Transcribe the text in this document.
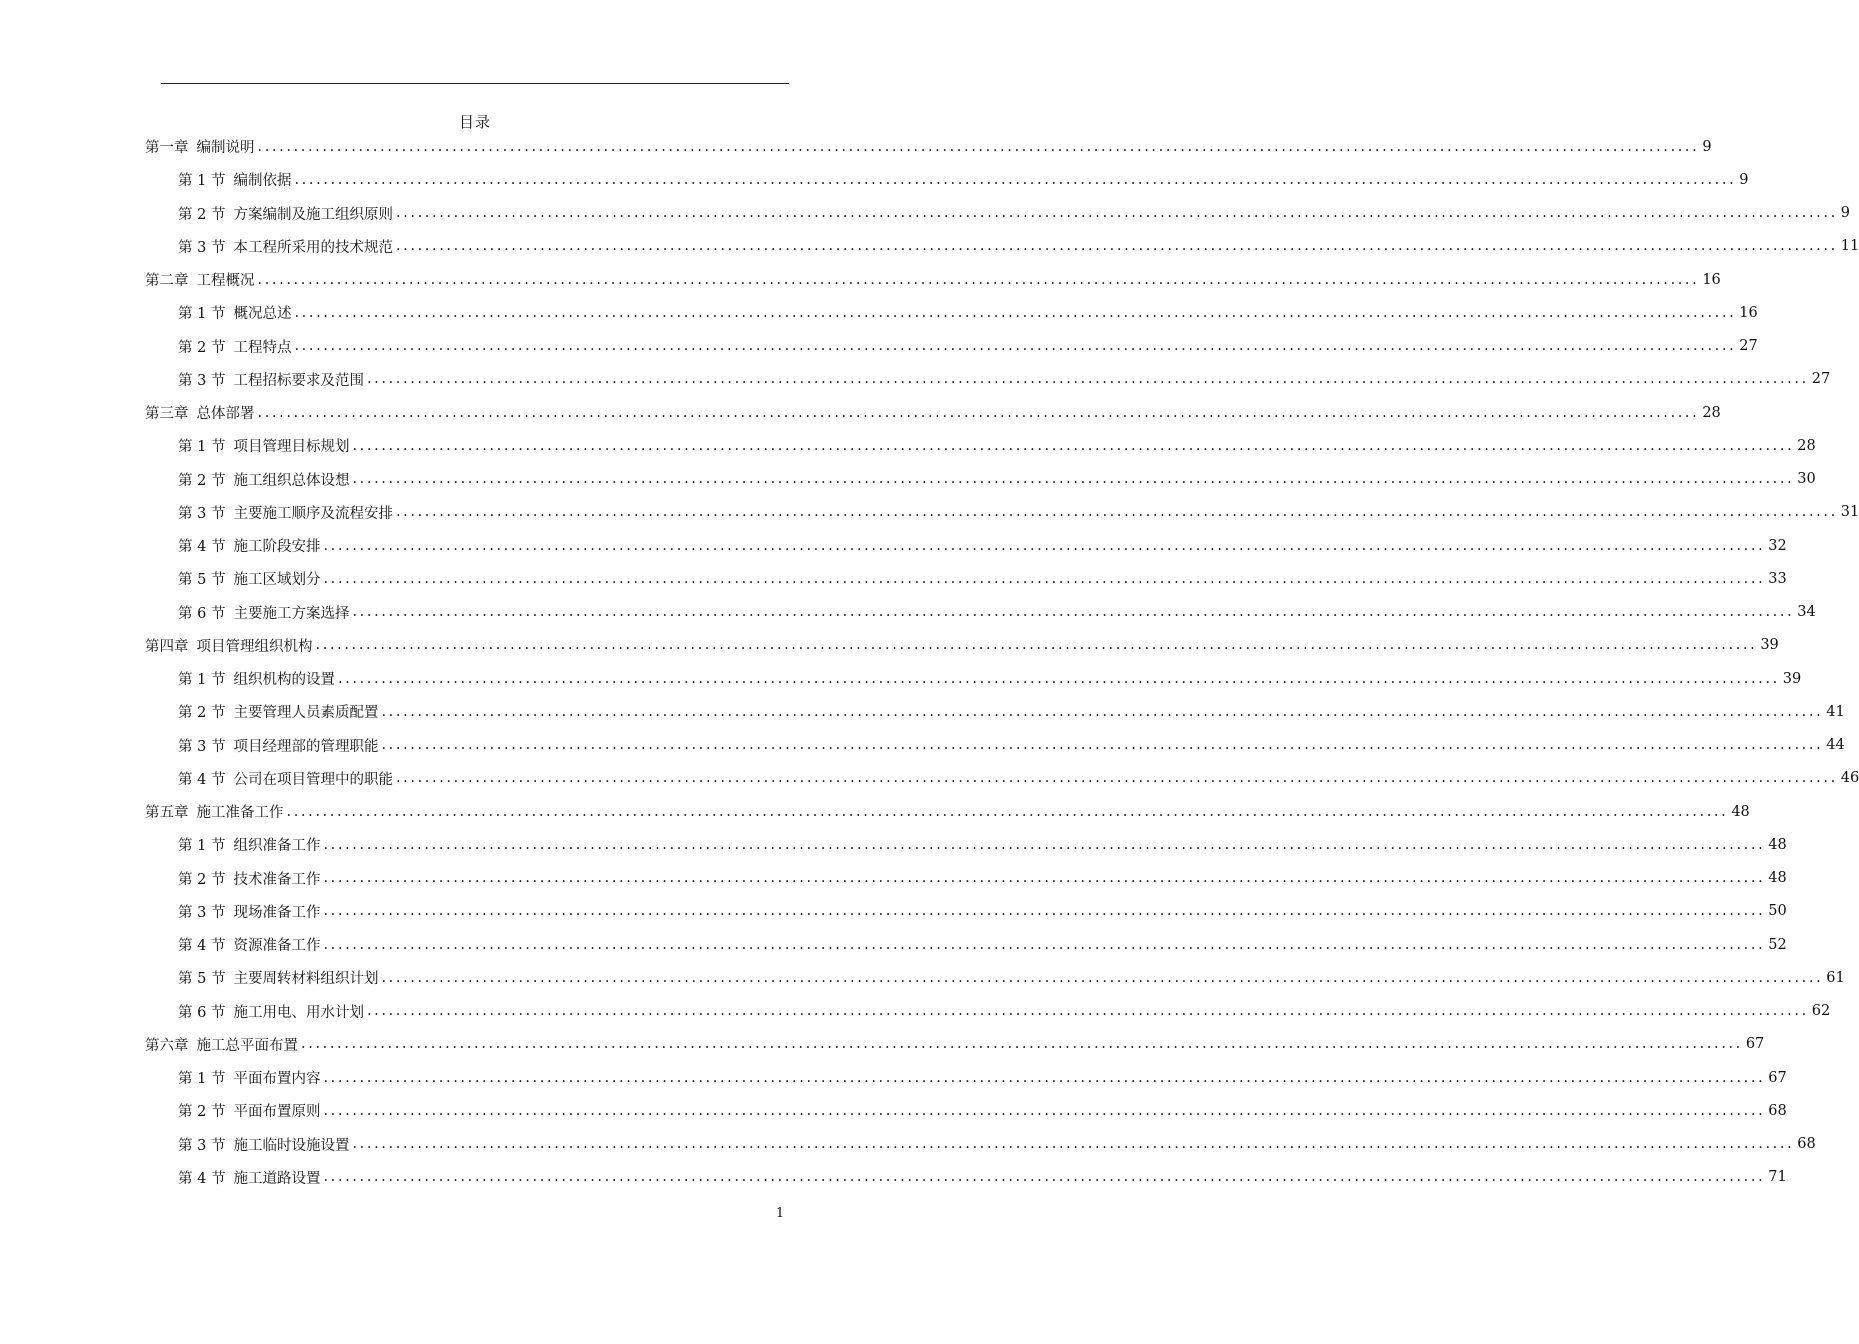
目录
第一章 编制说明 ........................................................................................................................................................................................................ 9
第 1 节 编制依据 ........................................................................................................................................................................................................ 9
第 2 节 方案编制及施工组织原则 ........................................................................................................................................................................................................ 9
第 3 节 本工程所采用的技术规范 ........................................................................................................................................................................................................ 11
第二章 工程概况 ........................................................................................................................................................................................................ 16
第 1 节 概况总述 ........................................................................................................................................................................................................ 16
第 2 节 工程特点 ........................................................................................................................................................................................................ 27
第 3 节 工程招标要求及范围 ........................................................................................................................................................................................................ 27
第三章 总体部署 ........................................................................................................................................................................................................ 28
第 1 节 项目管理目标规划 ........................................................................................................................................................................................................ 28
第 2 节 施工组织总体设想 ........................................................................................................................................................................................................ 30
第 3 节 主要施工顺序及流程安排 ........................................................................................................................................................................................................ 31
第 4 节 施工阶段安排 ........................................................................................................................................................................................................ 32
第 5 节 施工区域划分 ........................................................................................................................................................................................................ 33
第 6 节 主要施工方案选择 ........................................................................................................................................................................................................ 34
第四章 项目管理组织机构 ........................................................................................................................................................................................................ 39
第 1 节 组织机构的设置 ........................................................................................................................................................................................................ 39
第 2 节 主要管理人员素质配置 ........................................................................................................................................................................................................ 41
第 3 节 项目经理部的管理职能 ........................................................................................................................................................................................................ 44
第 4 节 公司在项目管理中的职能 ........................................................................................................................................................................................................ 46
第五章 施工准备工作 ........................................................................................................................................................................................................ 48
第 1 节 组织准备工作 ........................................................................................................................................................................................................ 48
第 2 节 技术准备工作 ........................................................................................................................................................................................................ 48
第 3 节 现场准备工作 ........................................................................................................................................................................................................ 50
第 4 节 资源准备工作 ........................................................................................................................................................................................................ 52
第 5 节 主要周转材料组织计划 ........................................................................................................................................................................................................ 61
第 6 节 施工用电、用水计划 ........................................................................................................................................................................................................ 62
第六章 施工总平面布置 ........................................................................................................................................................................................................ 67
第 1 节 平面布置内容 ........................................................................................................................................................................................................ 67
第 2 节 平面布置原则 ........................................................................................................................................................................................................ 68
第 3 节 施工临时设施设置 ........................................................................................................................................................................................................ 68
第 4 节 施工道路设置 ........................................................................................................................................................................................................ 71
1
